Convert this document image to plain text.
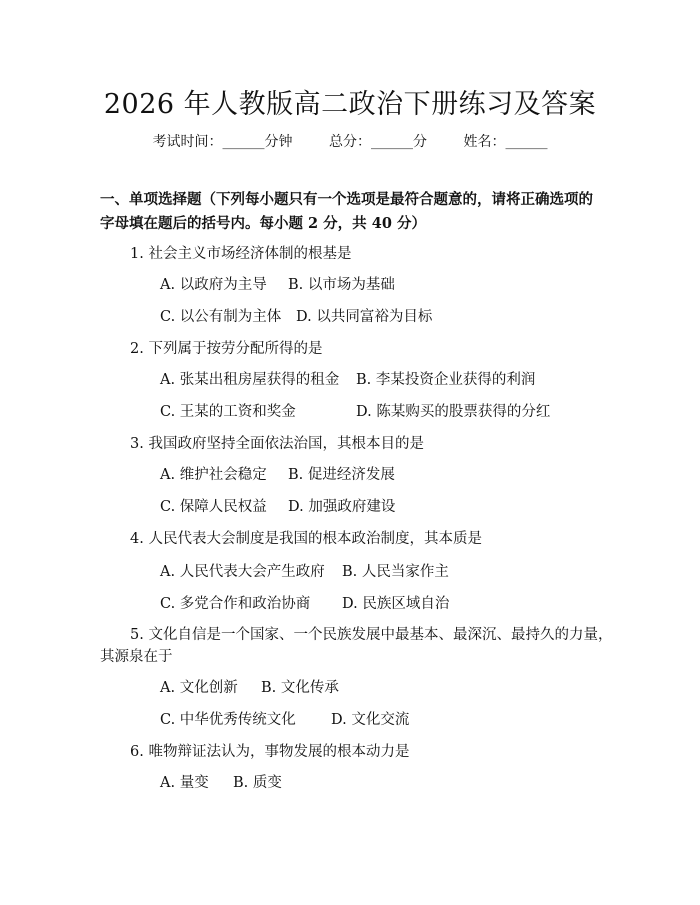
2026 年人教版高二政治下册练习及答案
考试时间：______分钟	总分：______分	姓名：______
一、单项选择题（下列每小题只有一个选项是最符合题意的，请将正确选项的字母填在题后的括号内。每小题 2 分，共 40 分）
1. 社会主义市场经济体制的根基是
A. 以政府为主导 B. 以市场为基础
C. 以公有制为主体 D. 以共同富裕为目标
2. 下列属于按劳分配所得的是
A. 张某出租房屋获得的租金 B. 李某投资企业获得的利润
C. 王某的工资和奖金	D. 陈某购买的股票获得的分红
3. 我国政府坚持全面依法治国，其根本目的是
A. 维护社会稳定 B. 促进经济发展
C. 保障人民权益 D. 加强政府建设
4. 人民代表大会制度是我国的根本政治制度，其本质是
A. 人民代表大会产生政府 B. 人民当家作主
C. 多党合作和政治协商 D. 民族区域自治
5. 文化自信是一个国家、一个民族发展中最基本、最深沉、最持久的力量，
其源泉在于
A. 文化创新 B. 文化传承
C. 中华优秀传统文化 D. 文化交流
6. 唯物辩证法认为，事物发展的根本动力是
A. 量变 B. 质变
